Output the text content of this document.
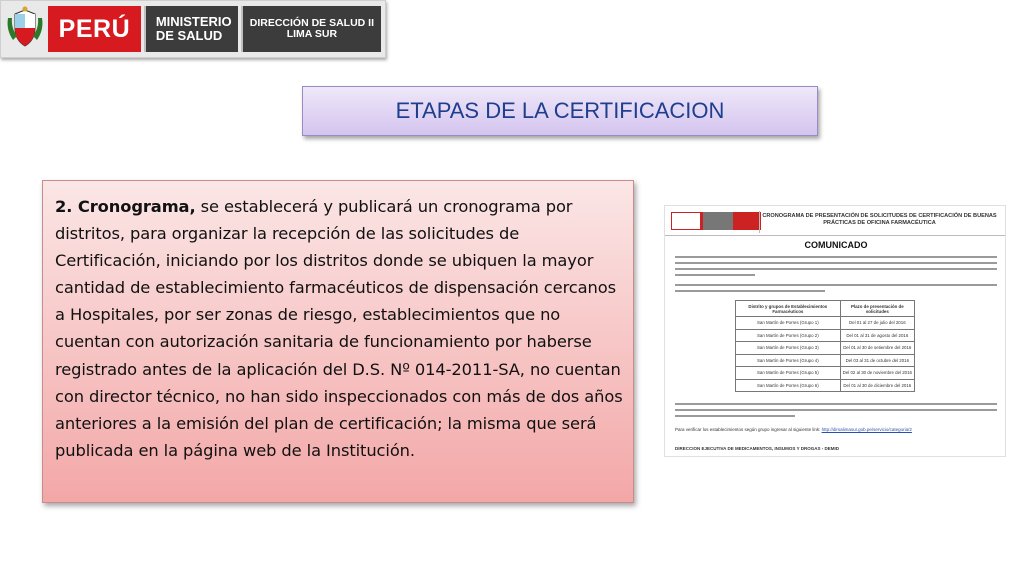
PERÚ MINISTERIO
DE SALUD
DIRECCIÓN DE SALUD II
LIMA SUR
ETAPAS DE LA CERTIFICACION

2. Cronograma, se establecerá y publicará un cronograma por distritos, para organizar la recepción de las solicitudes de Certificación, iniciando por los distritos donde se ubiquen la mayor cantidad de establecimiento farmacéuticos de dispensación cercanos a Hospitales, por ser zonas de riesgo, establecimientos que no cuentan con autorización sanitaria de funcionamiento por haberse registrado antes de la aplicación del D.S. Nº 014-2011-SA, no cuentan con director técnico, no han sido inspeccionados con más de dos años anteriores a la emisión del plan de certificación; la misma que será publicada en la página web de la Institución.

CRONOGRAMA DE PRESENTACIÓN DE SOLICITUDES DE CERTIFICACIÓN DE BUENAS PRÁCTICAS DE OFICINA FARMACÉUTICA
COMUNICADO
Distrito y grupos de Establecimientos Farmacéuticos	Plazo de presentación de solicitudes
San Martín de Porres (Grupo 1)	Del 01 al 27 de julio del 2016
San Martín de Porres (Grupo 2)	Del 01 al 31 de agosto del 2016
San Martín de Porres (Grupo 3)	Del 01 al 30 de setiembre del 2016
San Martín de Porres (Grupo 4)	Del 03 al 31 de octubre del 2016
San Martín de Porres (Grupo 5)	Del 02 al 30 de noviembre del 2016
San Martín de Porres (Grupo 6)	Del 01 al 30 de diciembre del 2016
Para verificar los establecimientos según grupo ingresar al siguiente link: http://dirsalimasur.gob.pe/servicio/categoria/2
DIRECCION EJECUTIVA DE MEDICAMENTOS, INSUMOS Y DROGAS - DEMID
